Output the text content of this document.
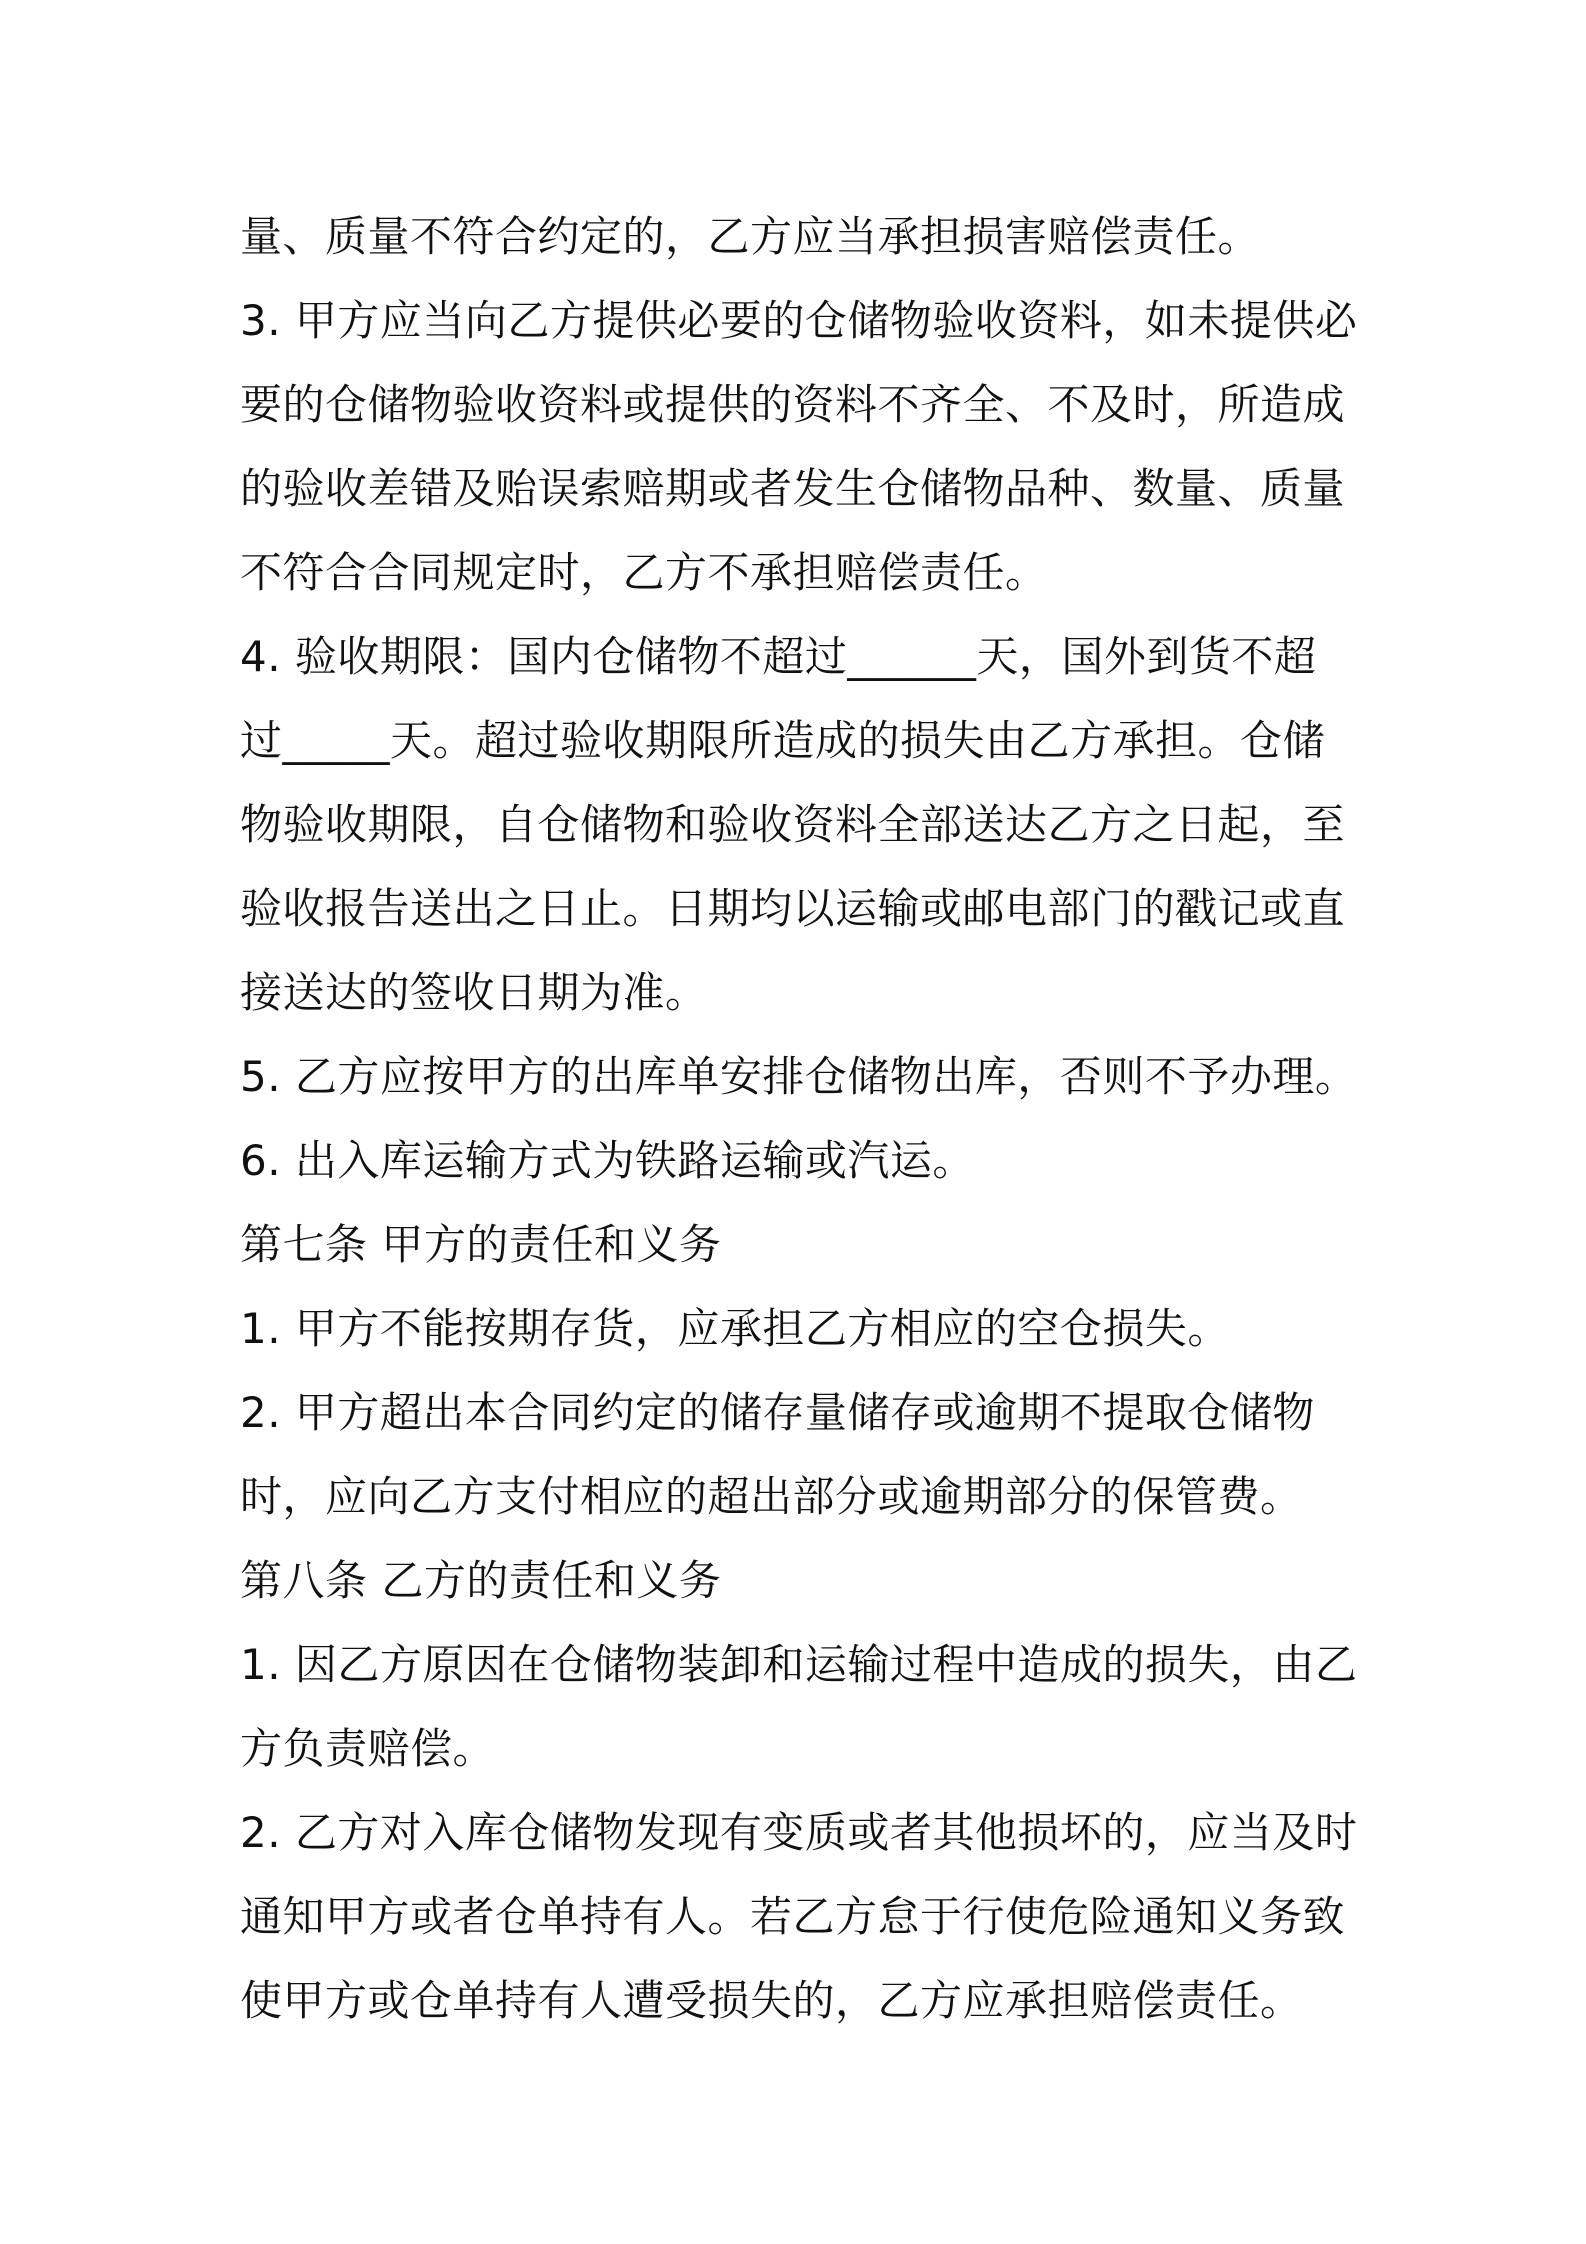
量、质量不符合约定的，乙方应当承担损害赔偿责任。
3. 甲方应当向乙方提供必要的仓储物验收资料，如未提供必
要的仓储物验收资料或提供的资料不齐全、不及时，所造成
的验收差错及贻误索赔期或者发生仓储物品种、数量、质量
不符合合同规定时，乙方不承担赔偿责任。
4. 验收期限：国内仓储物不超过______天，国外到货不超
过_____天。超过验收期限所造成的损失由乙方承担。仓储
物验收期限，自仓储物和验收资料全部送达乙方之日起，至
验收报告送出之日止。日期均以运输或邮电部门的戳记或直
接送达的签收日期为准。
5. 乙方应按甲方的出库单安排仓储物出库，否则不予办理。
6. 出入库运输方式为铁路运输或汽运。
第七条 甲方的责任和义务
1. 甲方不能按期存货，应承担乙方相应的空仓损失。
2. 甲方超出本合同约定的储存量储存或逾期不提取仓储物
时，应向乙方支付相应的超出部分或逾期部分的保管费。
第八条 乙方的责任和义务
1. 因乙方原因在仓储物装卸和运输过程中造成的损失，由乙
方负责赔偿。
2. 乙方对入库仓储物发现有变质或者其他损坏的，应当及时
通知甲方或者仓单持有人。若乙方怠于行使危险通知义务致
使甲方或仓单持有人遭受损失的，乙方应承担赔偿责任。
